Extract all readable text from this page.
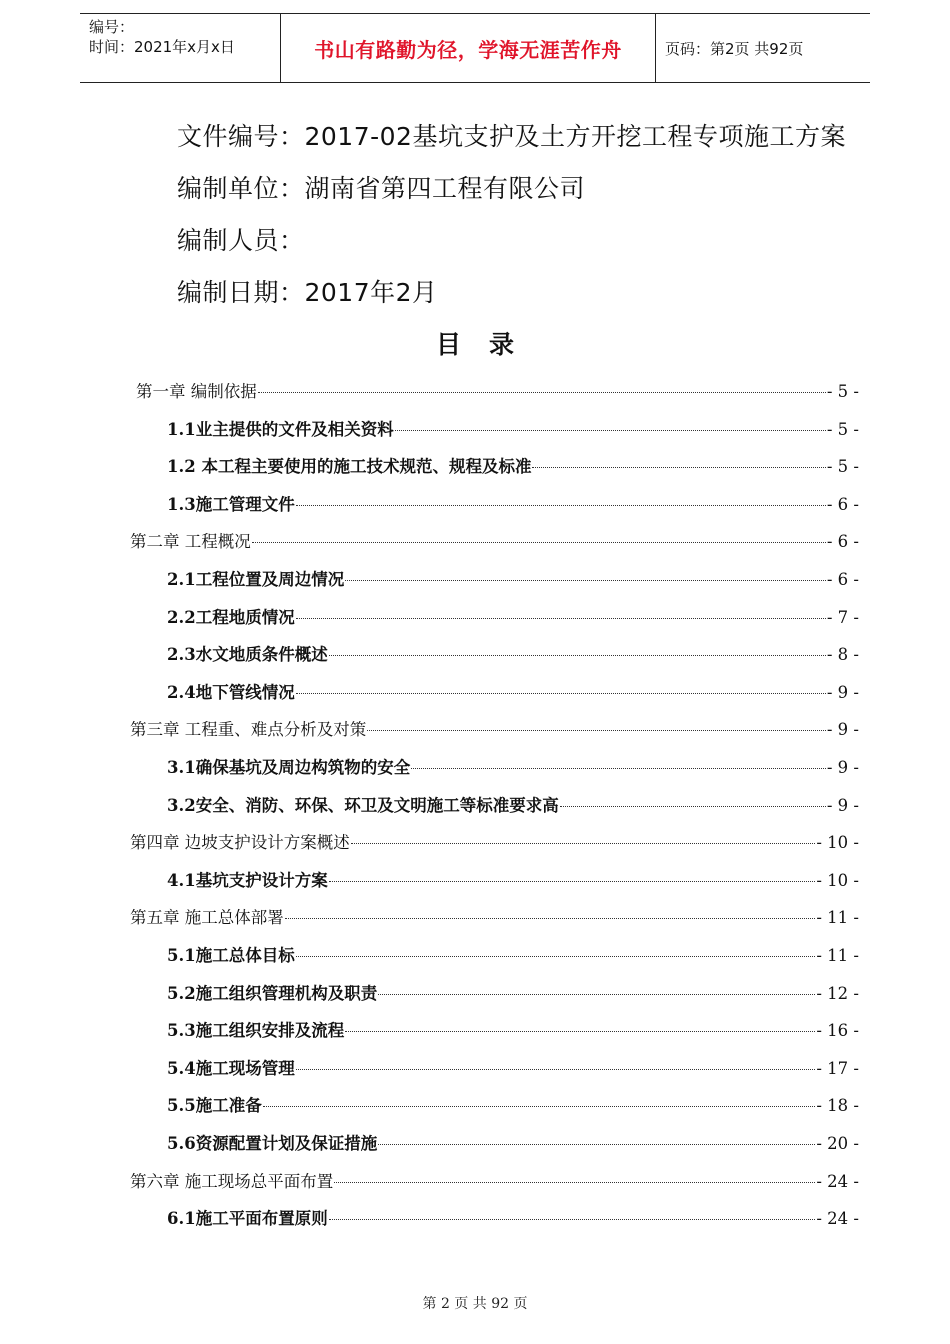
编号：
时间：2021年x月x日	书山有路勤为径，学海无涯苦作舟	页码：第2页 共92页
文件编号：2017-02基坑支护及土方开挖工程专项施工方案
编制单位：湖南省第四工程有限公司
编制人员：
编制日期：2017年2月
目录
第一章 编制依据	- 5 -
1.1业主提供的文件及相关资料	- 5 -
1.2 本工程主要使用的施工技术规范、规程及标准	- 5 -
1.3施工管理文件	- 6 -
第二章 工程概况	- 6 -
2.1工程位置及周边情况	- 6 -
2.2工程地质情况	- 7 -
2.3水文地质条件概述	- 8 -
2.4地下管线情况	- 9 -
第三章 工程重、难点分析及对策	- 9 -
3.1确保基坑及周边构筑物的安全	- 9 -
3.2安全、消防、环保、环卫及文明施工等标准要求高	- 9 -
第四章 边坡支护设计方案概述	- 10 -
4.1基坑支护设计方案	- 10 -
第五章 施工总体部署	- 11 -
5.1施工总体目标	- 11 -
5.2施工组织管理机构及职责	- 12 -
5.3施工组织安排及流程	- 16 -
5.4施工现场管理	- 17 -
5.5施工准备	- 18 -
5.6资源配置计划及保证措施	- 20 -
第六章 施工现场总平面布置	- 24 -
6.1施工平面布置原则	- 24 -
第 2 页 共 92 页
